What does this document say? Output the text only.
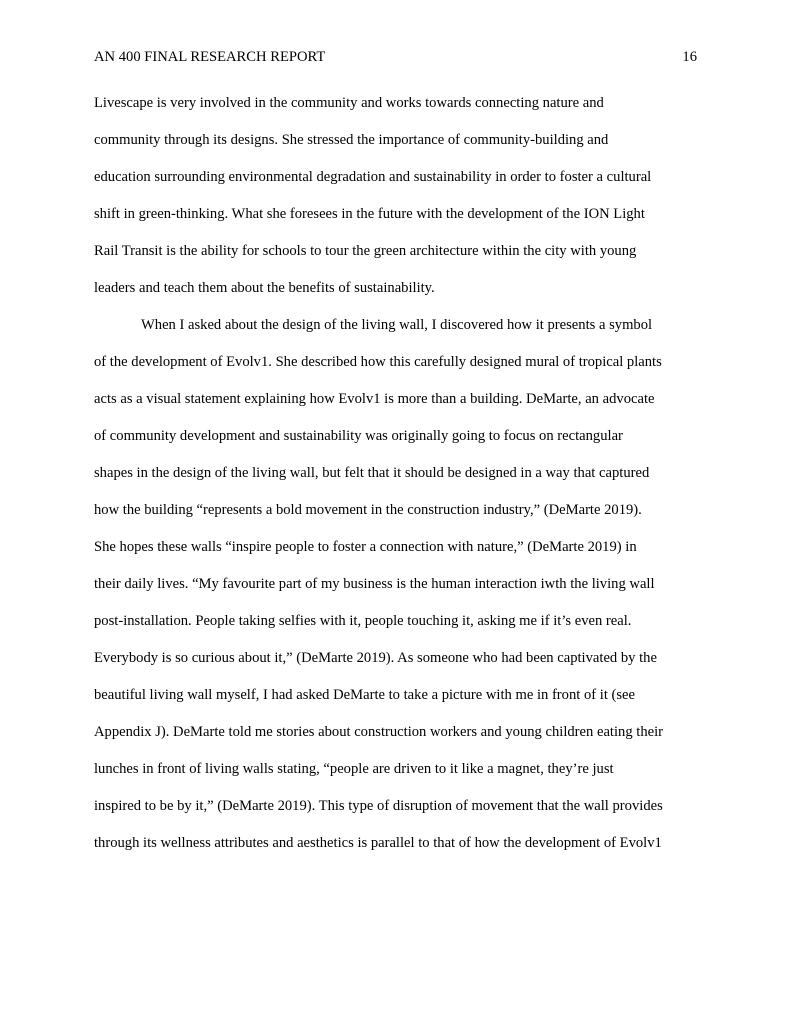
AN 400 FINAL RESEARCH REPORT	16
Livescape is very involved in the community and works towards connecting nature and
community through its designs. She stressed the importance of community-building and
education surrounding environmental degradation and sustainability in order to foster a cultural
shift in green-thinking. What she foresees in the future with the development of the ION Light
Rail Transit is the ability for schools to tour the green architecture within the city with young
leaders and teach them about the benefits of sustainability.
When I asked about the design of the living wall, I discovered how it presents a symbol
of the development of Evolv1. She described how this carefully designed mural of tropical plants
acts as a visual statement explaining how Evolv1 is more than a building. DeMarte, an advocate
of community development and sustainability was originally going to focus on rectangular
shapes in the design of the living wall, but felt that it should be designed in a way that captured
how the building “represents a bold movement in the construction industry,” (DeMarte 2019).
She hopes these walls “inspire people to foster a connection with nature,” (DeMarte 2019) in
their daily lives. “My favourite part of my business is the human interaction iwth the living wall
post-installation. People taking selfies with it, people touching it, asking me if it’s even real.
Everybody is so curious about it,” (DeMarte 2019). As someone who had been captivated by the
beautiful living wall myself, I had asked DeMarte to take a picture with me in front of it (see
Appendix J). DeMarte told me stories about construction workers and young children eating their
lunches in front of living walls stating, “people are driven to it like a magnet, they’re just
inspired to be by it,” (DeMarte 2019). This type of disruption of movement that the wall provides
through its wellness attributes and aesthetics is parallel to that of how the development of Evolv1
